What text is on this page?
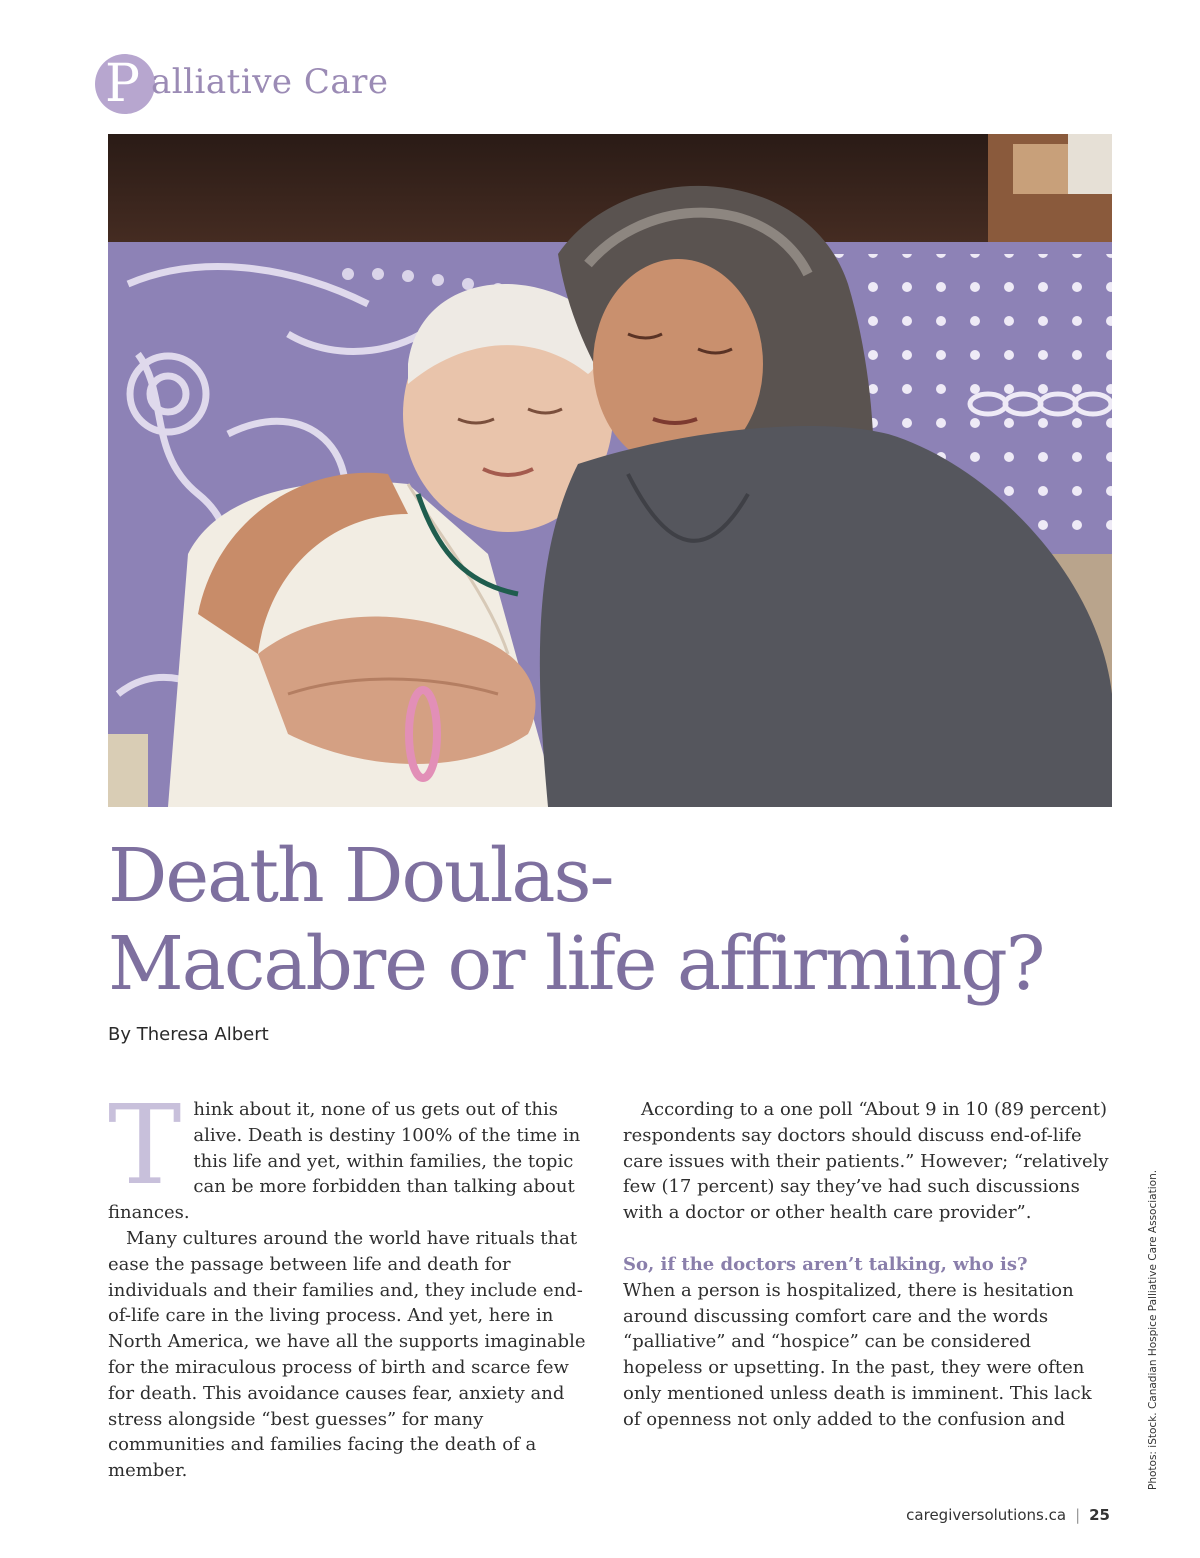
P alliative Care
Death Doulas-
Macabre or life affirming?
By Theresa Albert

T hink about it, none of us gets out of this alive. Death is destiny 100% of the time in this life and yet, within families, the topic can be more forbidden than talking about finances.

Many cultures around the world have rituals that ease the passage between life and death for individuals and their families and, they include end-of-life care in the living process. And yet, here in North America, we have all the supports imaginable for the miraculous process of birth and scarce few for death. This avoidance causes fear, anxiety and stress alongside “best guesses” for many communities and families facing the death of a member.

According to a one poll “About 9 in 10 (89 percent) respondents say doctors should discuss end-of-life care issues with their patients.” However; “relatively few (17 percent) say they’ve had such discussions with a doctor or other health care provider”.

So, if the doctors aren’t talking, who is?

When a person is hospitalized, there is hesitation around discussing comfort care and the words “palliative” and “hospice” can be considered hopeless or upsetting. In the past, they were often only mentioned unless death is imminent. This lack of openness not only added to the confusion and	Photos: iStock. Canadian Hospice Palliative Care Association.
caregiversolutions.ca | 25
